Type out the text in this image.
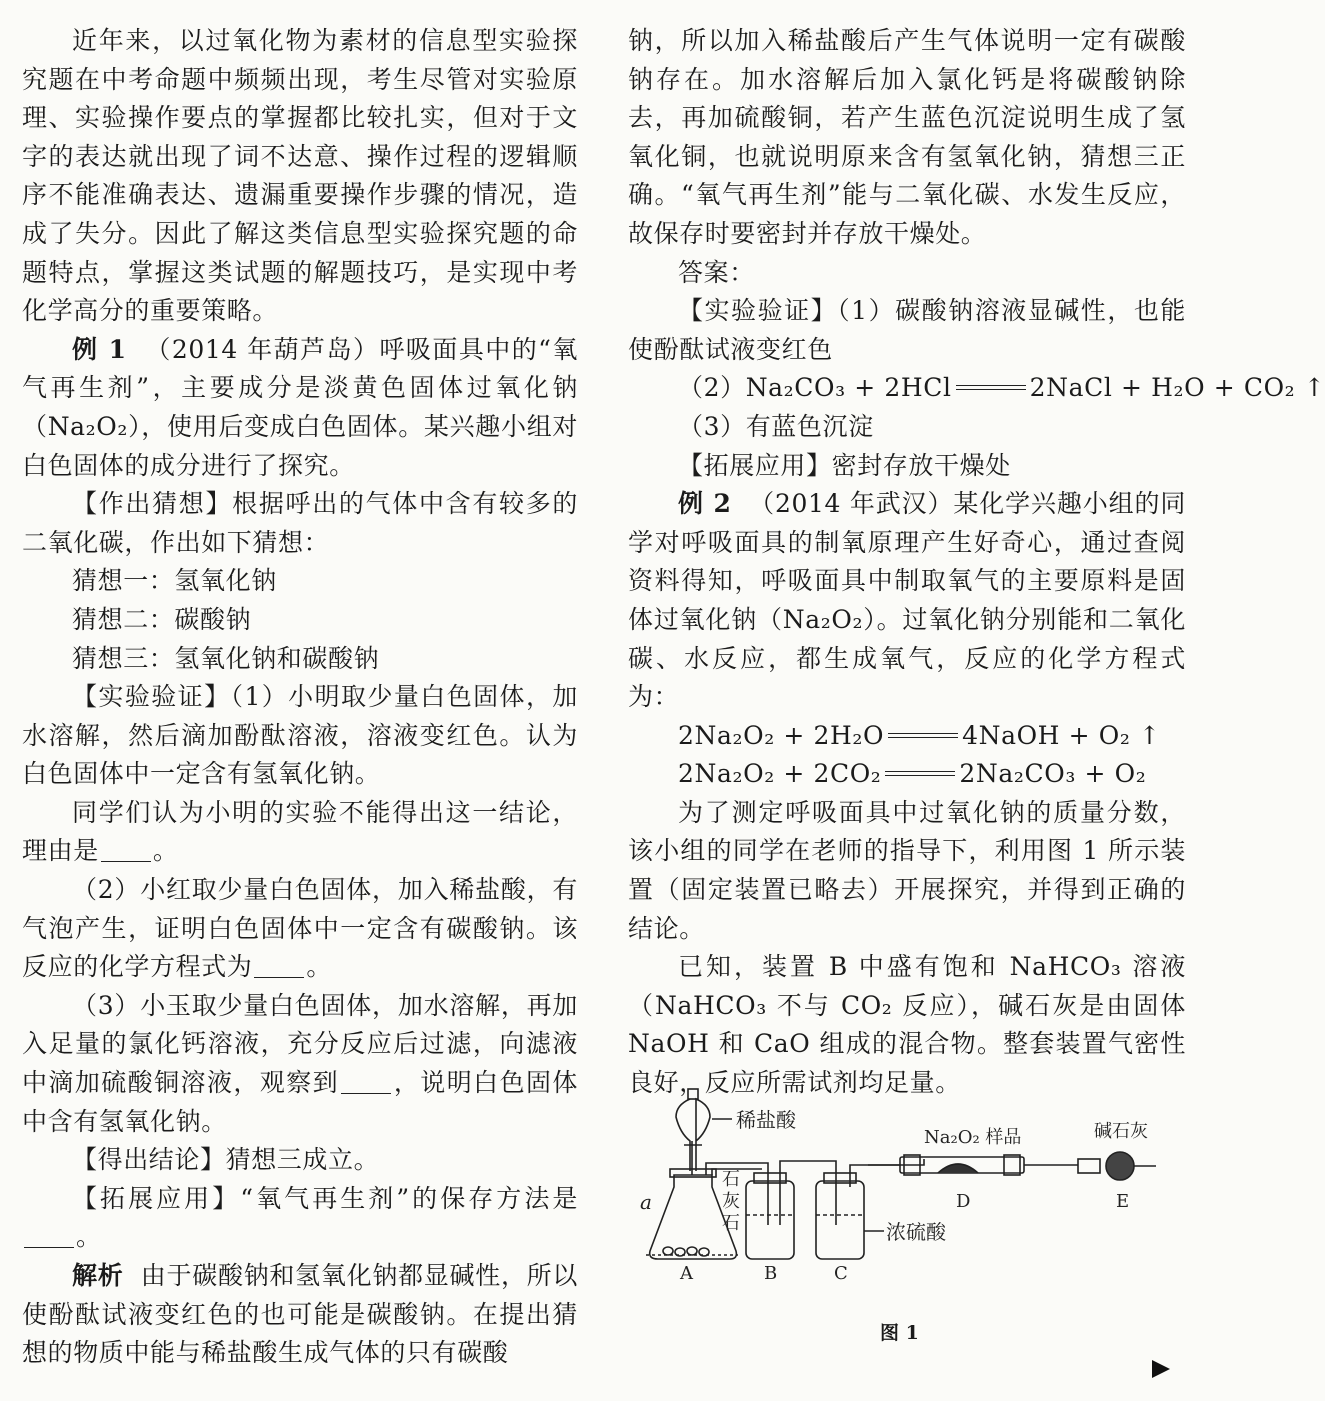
近年来，以过氧化物为素材的信息型实验探究题在中考命题中频频出现，考生尽管对实验原理、实验操作要点的掌握都比较扎实，但对于文字的表达就出现了词不达意、操作过程的逻辑顺序不能准确表达、遗漏重要操作步骤的情况，造成了失分。因此了解这类信息型实验探究题的命题特点，掌握这类试题的解题技巧，是实现中考化学高分的重要策略。

例 1 （2014 年葫芦岛）呼吸面具中的“氧气再生剂”，主要成分是淡黄色固体过氧化钠（Na₂O₂），使用后变成白色固体。某兴趣小组对白色固体的成分进行了探究。

【作出猜想】根据呼出的气体中含有较多的二氧化碳，作出如下猜想：

猜想一：氢氧化钠

猜想二：碳酸钠

猜想三：氢氧化钠和碳酸钠

【实验验证】（1）小明取少量白色固体，加水溶解，然后滴加酚酞溶液，溶液变红色。认为白色固体中一定含有氢氧化钠。

同学们认为小明的实验不能得出这一结论，理由是 。

（2）小红取少量白色固体，加入稀盐酸，有气泡产生，证明白色固体中一定含有碳酸钠。该反应的化学方程式为 。

（3）小玉取少量白色固体，加水溶解，再加入足量的氯化钙溶液，充分反应后过滤，向滤液中滴加硫酸铜溶液，观察到 ，说明白色固体中含有氢氧化钠。

【得出结论】猜想三成立。

【拓展应用】“氧气再生剂”的保存方法是。

解析 由于碳酸钠和氢氧化钠都显碱性，所以使酚酞试液变红色的也可能是碳酸钠。在提出猜想的物质中能与稀盐酸生成气体的只有碳酸

钠，所以加入稀盐酸后产生气体说明一定有碳酸钠存在。加水溶解后加入氯化钙是将碳酸钠除去，再加硫酸铜，若产生蓝色沉淀说明生成了氢氧化铜，也就说明原来含有氢氧化钠，猜想三正确。“氧气再生剂”能与二氧化碳、水发生反应，故保存时要密封并存放干燥处。

答案：

【实验验证】（1）碳酸钠溶液显碱性，也能使酚酞试液变红色

（2）Na₂CO₃ + 2HCl	2NaCl + H₂O + CO₂ ↑

（3）有蓝色沉淀

【拓展应用】密封存放干燥处

例 2 （2014 年武汉）某化学兴趣小组的同学对呼吸面具的制氧原理产生好奇心，通过查阅资料得知，呼吸面具中制取氧气的主要原料是固体过氧化钠（Na₂O₂）。过氧化钠分别能和二氧化碳、水反应，都生成氧气，反应的化学方程式为：

2Na₂O₂ + 2H₂O	4NaOH + O₂ ↑

2Na₂O₂ + 2CO₂	2Na₂CO₃ + O₂

为了测定呼吸面具中过氧化钠的质量分数，该小组的同学在老师的指导下，利用图 1 所示装置（固定装置已略去）开展探究，并得到正确的结论。

已知，装置 B 中盛有饱和 NaHCO₃ 溶液（NaHCO₃ 不与 CO₂ 反应），碱石灰是由固体 NaOH 和 CaO 组成的混合物。整套装置气密性良好，反应所需试剂均足量。

稀盐酸
石
灰
石
a
浓硫酸
Na₂O₂ 样品	碱石灰
A	B	C
D	E
图 1
